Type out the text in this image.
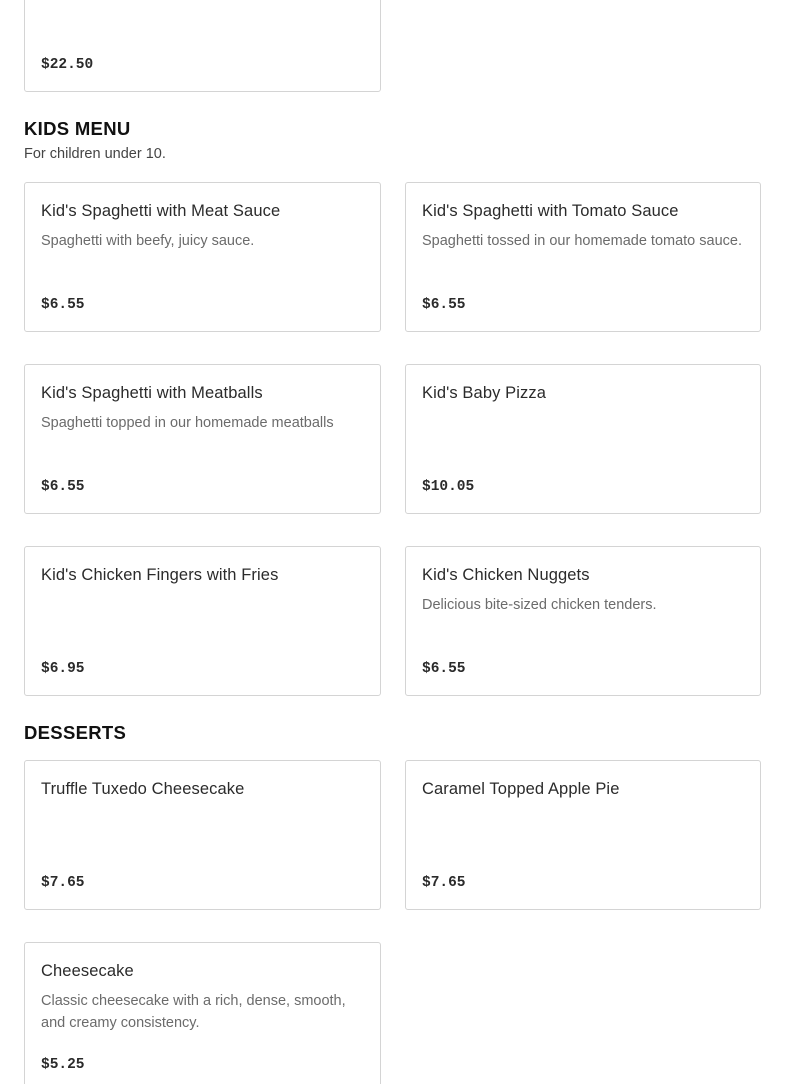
$22.50
KIDS MENU
For children under 10.
Kid's Spaghetti with Meat Sauce
Spaghetti with beefy, juicy sauce.
$6.55
Kid's Spaghetti with Tomato Sauce
Spaghetti tossed in our homemade tomato sauce.
$6.55
Kid's Spaghetti with Meatballs
Spaghetti topped in our homemade meatballs
$6.55
Kid's Baby Pizza
$10.05
Kid's Chicken Fingers with Fries
$6.95
Kid's Chicken Nuggets
Delicious bite-sized chicken tenders.
$6.55
DESSERTS
Truffle Tuxedo Cheesecake
$7.65
Caramel Topped Apple Pie
$7.65
Cheesecake
Classic cheesecake with a rich, dense, smooth, and creamy consistency.
$5.25
